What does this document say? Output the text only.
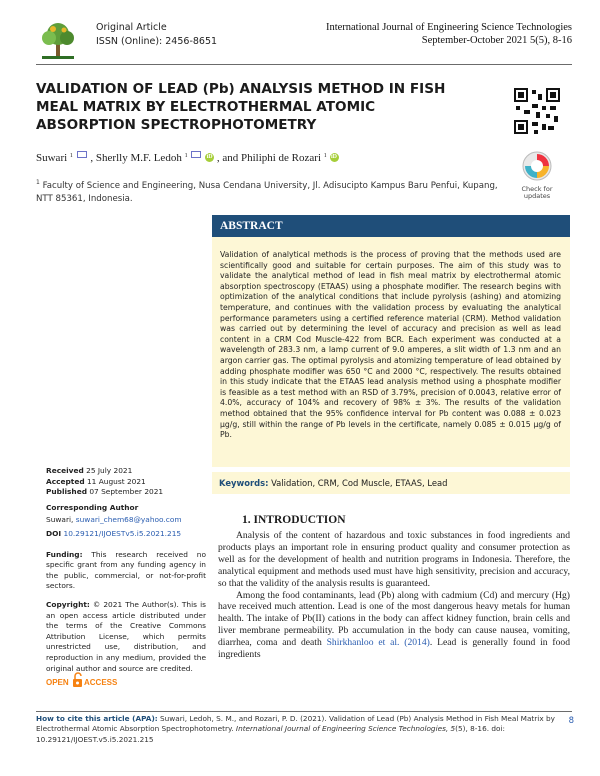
Original Article
ISSN (Online): 2456-8651
International Journal of Engineering Science Technologies
September-October 2021 5(5), 8-16
VALIDATION OF LEAD (Pb) ANALYSIS METHOD IN FISH MEAL MATRIX BY ELECTROTHERMAL ATOMIC ABSORPTION SPECTROPHOTOMETRY
Check for
updates
Suwari $^1$ , Sherlly M.F. Ledoh $^1$	iD , and Philiphi de Rozari $^1$ iD
$^1$ Faculty of Science and Engineering, Nusa Cendana University, Jl. Adisucipto Kampus Baru Penfui, Kupang, NTT 85361, Indonesia.
ABSTRACT
Validation of analytical methods is the process of proving that the methods used are scientifically good and suitable for certain purposes. The aim of this study was to validate the analytical method of lead in fish meal matrix by electrothermal atomic absorption spectroscopy (ETAAS) using a phosphate modifier. The research begins with optimization of the analytical conditions that include pyrolysis (ashing) and atomizing temperature, and continues with the validation process by evaluating the analytical performance parameters using a certified reference material (CRM). Method validation was carried out by determining the level of accuracy and precision as well as lead content in a CRM Cod Muscle-422 from BCR. Each experiment was conducted at a wavelength of 283.3 nm, a lamp current of 9.0 amperes, a slit width of 1.3 nm and an argon carrier gas. The optimal pyrolysis and atomizing temperature of lead obtained by adding phosphate modifier was 650 °C and 2000 °C, respectively. The results obtained in this study indicate that the ETAAS lead analysis method using a phosphate modifier is feasible as a test method with an RSD of 3.79%, precision of 0.0043, relative error of 4.0%, accuracy of 104% and recovery of 98% ± 3%. The results of the validation method obtained that the 95% confidence interval for Pb content was 0.088 ± 0.023 μg/g, still within the range of Pb levels in the certificate, namely 0.085 ± 0.015 μg/g of Pb.
Keywords: Validation, CRM, Cod Muscle, ETAAS, Lead
Received 25 July 2021
Accepted 11 August 2021
Published 07 September 2021
Corresponding Author
Suwari, suwari_chem68@yahoo.com
DOI 10.29121/IJOESTv5.i5.2021.215
Funding: This research received no specific grant from any funding agency in the public, commercial, or not-for-profit sectors.
Copyright: © 2021 The Author(s). This is an open access article distributed under the terms of the Creative Commons Attribution License, which permits unrestricted use, distribution, and reproduction in any medium, provided the original author and source are credited.
OPEN ACCESS
1. INTRODUCTION

Analysis of the content of hazardous and toxic substances in food ingredients and products plays an important role in ensuring product quality and consumer protection as well as for the development of health and nutrition programs in Indonesia. Therefore, the analytical equipment and methods used must have high sensitivity, precision and accuracy, so that the validity of the analysis results is guaranteed.

Among the food contaminants, lead (Pb) along with cadmium (Cd) and mercury (Hg) have received much attention. Lead is one of the most dangerous heavy metals for human health. The intake of Pb(II) cations in the body can affect kidney function, brain cells and liver membrane permeability. Pb accumulation in the body can cause nausea, vomiting, diarrhea, coma and death Shirkhanloo et al. (2014). Lead is generally found in food ingredients

How to cite this article (APA): Suwari, Ledoh, S. M., and Rozari, P. D. (2021). Validation of Lead (Pb) Analysis Method in Fish Meal Matrix by Electrothermal Atomic Absorption Spectrophotometry. International Journal of Engineering Science Technologies, 5(5), 8-16. doi: 10.29121/IJOEST.v5.i5.2021.215
8
